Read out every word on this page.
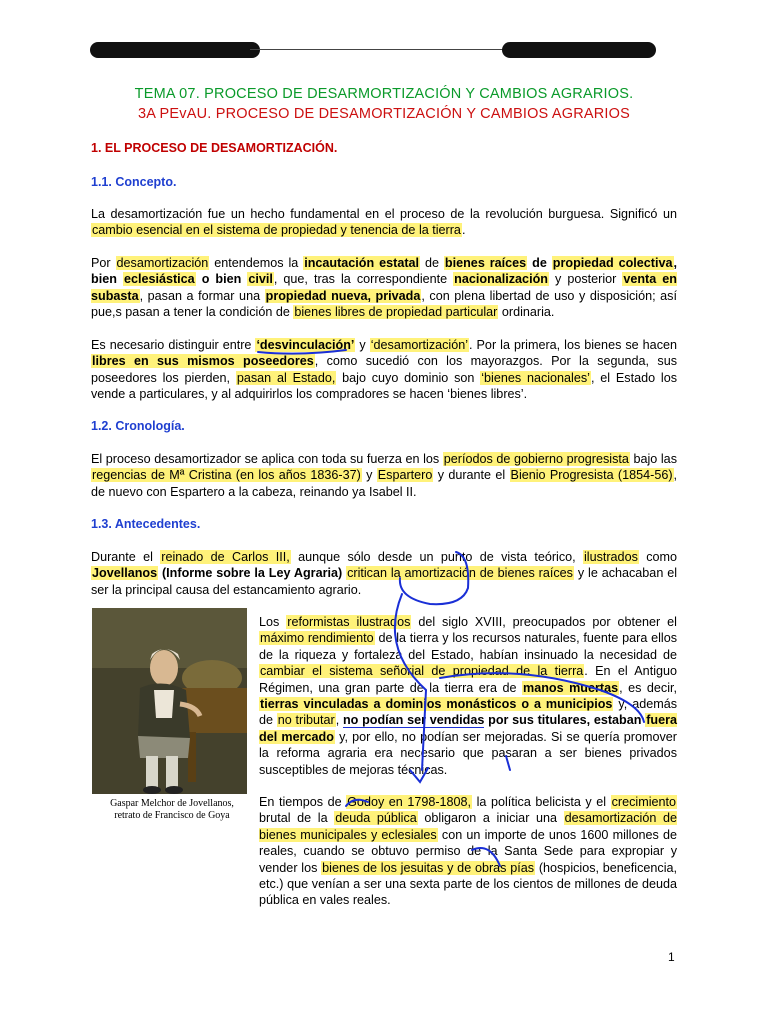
TEMA 07. PROCESO DE DESARMORTIZACIÓN Y CAMBIOS AGRARIOS.
3A PEvAU. PROCESO DE DESAMORTIZACIÓN Y CAMBIOS AGRARIOS
1. EL PROCESO DE DESAMORTIZACIÓN.
1.1. Concepto.
La desamortización fue un hecho fundamental en el proceso de la revolución burguesa. Significó un cambio esencial en el sistema de propiedad y tenencia de la tierra.
Por desamortización entendemos la incautación estatal de bienes raíces de propiedad colectiva, bien eclesiástica o bien civil, que, tras la correspondiente nacionalización y posterior venta en subasta, pasan a formar una propiedad nueva, privada, con plena libertad de uso y disposición; así pue,s pasan a tener la condición de bienes libres de propiedad particular ordinaria.
Es necesario distinguir entre ‘desvinculación’ y ‘desamortización’. Por la primera, los bienes se hacen libres en sus mismos poseedores, como sucedió con los mayorazgos. Por la segunda, sus poseedores los pierden, pasan al Estado, bajo cuyo dominio son ‘bienes nacionales’, el Estado los vende a particulares, y al adquirirlos los compradores se hacen ‘bienes libres’.
1.2. Cronología.
El proceso desamortizador se aplica con toda su fuerza en los períodos de gobierno progresista bajo las regencias de Mª Cristina (en los años 1836-37) y Espartero y durante el Bienio Progresista (1854-56), de nuevo con Espartero a la cabeza, reinando ya Isabel II.
1.3. Antecedentes.
Durante el reinado de Carlos III, aunque sólo desde un punto de vista teórico, ilustrados como Jovellanos (Informe sobre la Ley Agraria) critican la amortización de bienes raíces y le achacaban el ser la principal causa del estancamiento agrario.
Gaspar Melchor de Jovellanos,
retrato de Francisco de Goya
Los reformistas ilustrados del siglo XVIII, preocupados por obtener el máximo rendimiento de la tierra y los recursos naturales, fuente para ellos de la riqueza y fortaleza del Estado, habían insinuado la necesidad de cambiar el sistema señorial de propiedad de la tierra. En el Antiguo Régimen, una gran parte de la tierra era de manos muertas, es decir, tierras vinculadas a dominios monásticos o a municipios y, además de no tributar, no podían ser vendidas por sus titulares, estaban fuera del mercado y, por ello, no podían ser mejoradas. Si se quería promover la reforma agraria era necesario que pasaran a ser bienes privados susceptibles de mejoras técnicas.
En tiempos de Godoy en 1798-1808, la política belicista y el crecimiento brutal de la deuda pública obligaron a iniciar una desamortización de bienes municipales y eclesiales con un importe de unos 1600 millones de reales, cuando se obtuvo permiso de la Santa Sede para expropiar y vender los bienes de los jesuitas y de obras pías (hospicios, beneficencia, etc.) que venían a ser una sexta parte de los cientos de millones de deuda pública en vales reales.
1
